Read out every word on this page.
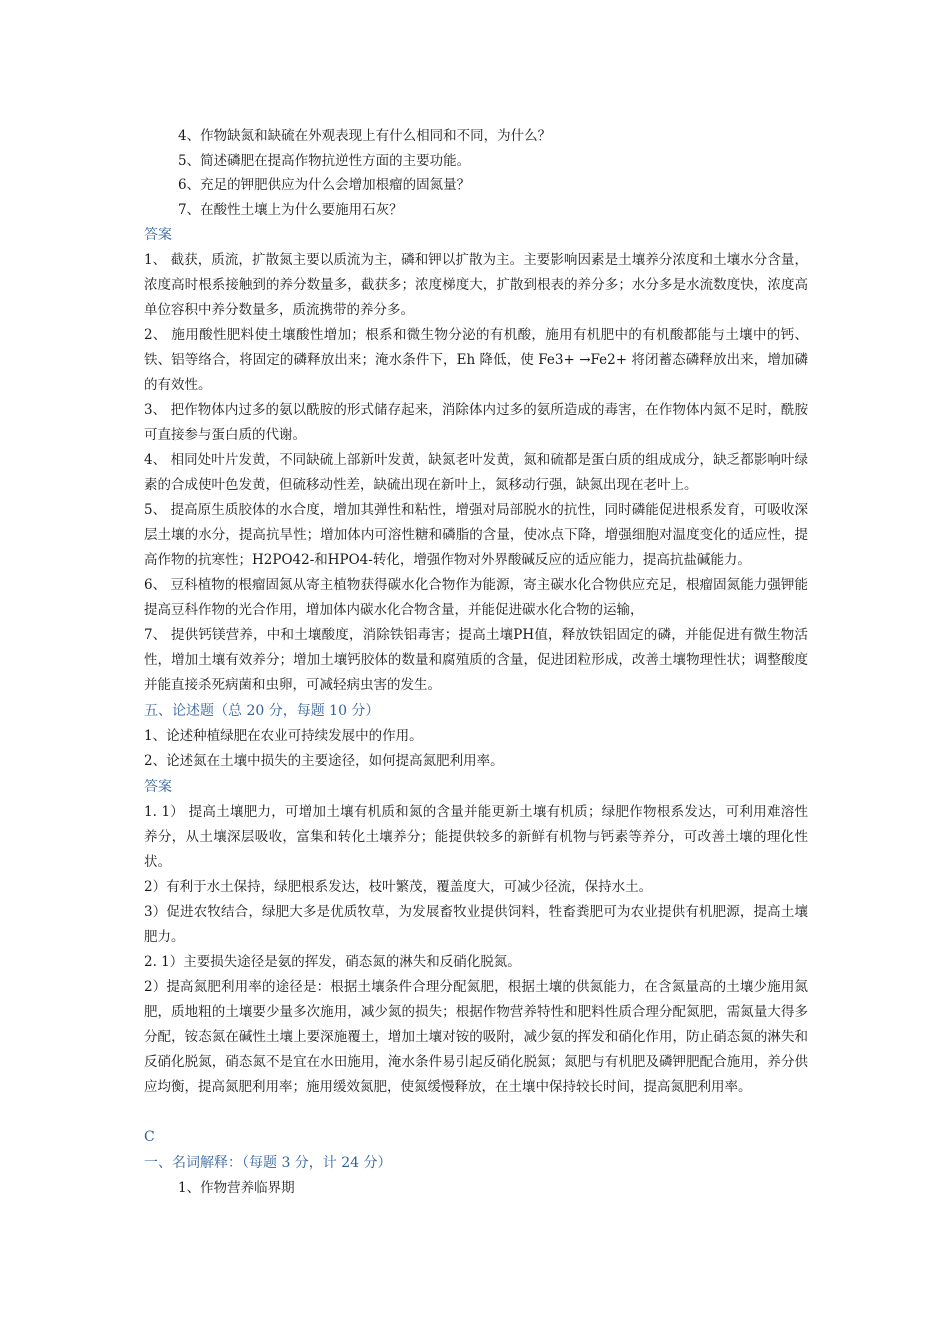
4、作物缺氮和缺硫在外观表现上有什么相同和不同，为什么？

5、简述磷肥在提高作物抗逆性方面的主要功能。

6、充足的钾肥供应为什么会增加根瘤的固氮量？

7、在酸性土壤上为什么要施用石灰？

答案

1、 截获，质流，扩散氮主要以质流为主，磷和钾以扩散为主。主要影响因素是土壤养分浓度和土壤水分含量，浓度高时根系接触到的养分数量多，截获多；浓度梯度大，扩散到根表的养分多；水分多是水流数度快，浓度高单位容积中养分数量多，质流携带的养分多。

2、 施用酸性肥料使土壤酸性增加；根系和微生物分泌的有机酸，施用有机肥中的有机酸都能与土壤中的钙、铁、铝等络合，将固定的磷释放出来；淹水条件下，Eh 降低，使 Fe3+ →Fe2+ 将闭蓄态磷释放出来，增加磷的有效性。

3、 把作物体内过多的氨以酰胺的形式储存起来，消除体内过多的氨所造成的毒害，在作物体内氮不足时，酰胺可直接参与蛋白质的代谢。

4、 相同处叶片发黄，不同缺硫上部新叶发黄，缺氮老叶发黄，氮和硫都是蛋白质的组成成分，缺乏都影响叶绿素的合成使叶色发黄，但硫移动性差，缺硫出现在新叶上，氮移动行强，缺氮出现在老叶上。

5、 提高原生质胶体的水合度，增加其弹性和粘性，增强对局部脱水的抗性，同时磷能促进根系发育，可吸收深层土壤的水分，提高抗旱性；增加体内可溶性糖和磷脂的含量，使冰点下降，增强细胞对温度变化的适应性，提高作物的抗寒性；H2PO42-和HPO4-转化，增强作物对外界酸碱反应的适应能力，提高抗盐碱能力。

6、 豆科植物的根瘤固氮从寄主植物获得碳水化合物作为能源，寄主碳水化合物供应充足，根瘤固氮能力强钾能提高豆科作物的光合作用，增加体内碳水化合物含量，并能促进碳水化合物的运输，

7、 提供钙镁营养，中和土壤酸度，消除铁铝毒害；提高土壤PH值，释放铁铝固定的磷，并能促进有微生物活性，增加土壤有效养分；增加土壤钙胶体的数量和腐殖质的含量，促进团粒形成，改善土壤物理性状；调整酸度并能直接杀死病菌和虫卵，可减轻病虫害的发生。

五、论述题（总 20 分，每题 10 分）

1、论述种植绿肥在农业可持续发展中的作用。

2、论述氮在土壤中损失的主要途径，如何提高氮肥利用率。

答案

1. 1） 提高土壤肥力，可增加土壤有机质和氮的含量并能更新土壤有机质；绿肥作物根系发达，可利用难溶性养分，从土壤深层吸收，富集和转化土壤养分；能提供较多的新鲜有机物与钙素等养分，可改善土壤的理化性状。

2）有利于水土保持，绿肥根系发达，枝叶繁茂，覆盖度大，可减少径流，保持水土。

3）促进农牧结合，绿肥大多是优质牧草，为发展畜牧业提供饲料，牲畜粪肥可为农业提供有机肥源，提高土壤肥力。

2. 1）主要损失途径是氨的挥发，硝态氮的淋失和反硝化脱氮。

2）提高氮肥利用率的途径是：根据土壤条件合理分配氮肥，根据土壤的供氮能力，在含氮量高的土壤少施用氮肥，质地粗的土壤要少量多次施用，减少氮的损失；根据作物营养特性和肥料性质合理分配氮肥，需氮量大得多分配，铵态氮在碱性土壤上要深施覆土，增加土壤对铵的吸附，减少氨的挥发和硝化作用，防止硝态氮的淋失和反硝化脱氮，硝态氮不是宜在水田施用，淹水条件易引起反硝化脱氮；氮肥与有机肥及磷钾肥配合施用，养分供应均衡，提高氮肥利用率；施用缓效氮肥，使氮缓慢释放，在土壤中保持较长时间，提高氮肥利用率。

C

一、名词解释：（每题 3 分，计 24 分）

1、作物营养临界期
